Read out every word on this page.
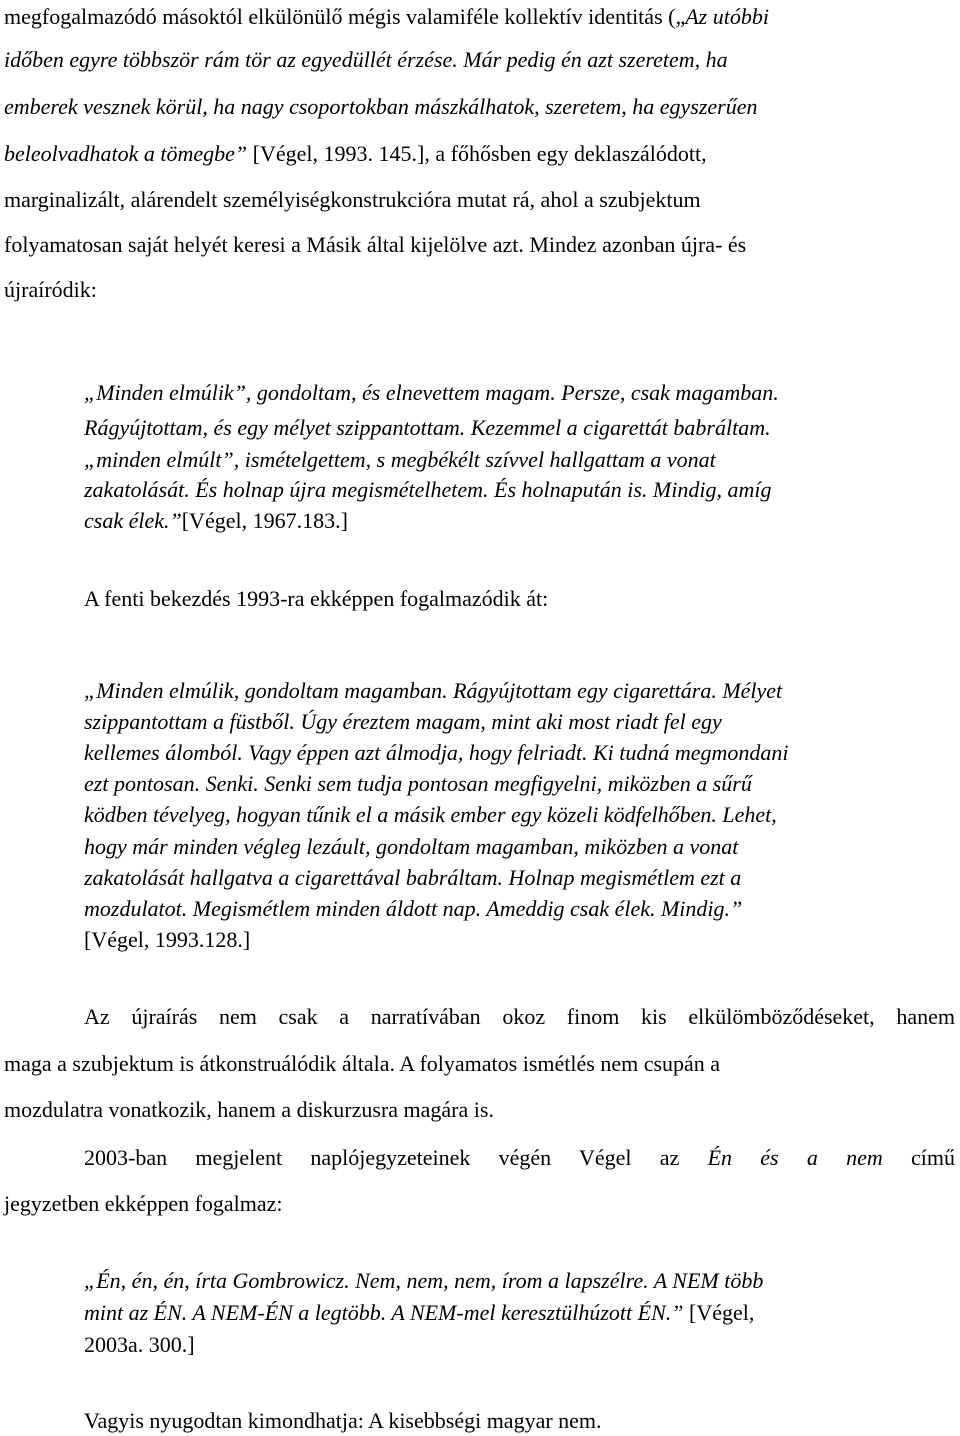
megfogalmazódó másoktól elkülönülő mégis valamiféle kollektív identitás („Az utóbbi
időben egyre többször rám tör az egyedüllét érzése. Már pedig én azt szeretem, ha
emberek vesznek körül, ha nagy csoportokban mászkálhatok, szeretem, ha egyszerűen
beleolvadhatok a tömegbe” [Végel, 1993. 145.], a főhősben egy deklaszálódott,
marginalizált, alárendelt személyiségkonstrukcióra mutat rá, ahol a szubjektum
folyamatosan saját helyét keresi a Másik által kijelölve azt. Mindez azonban újra- és
újraíródik:
„Minden elmúlik”, gondoltam, és elnevettem magam. Persze, csak magamban.
Rágyújtottam, és egy mélyet szippantottam. Kezemmel a cigarettát babráltam.
„minden elmúlt”, ismételgettem, s megbékélt szívvel hallgattam a vonat
zakatolását. És holnap újra megismételhetem. És holnapután is. Mindig, amíg
csak élek.”[Végel, 1967.183.]
A fenti bekezdés 1993-ra ekképpen fogalmazódik át:
„Minden elmúlik, gondoltam magamban. Rágyújtottam egy cigarettára. Mélyet
szippantottam a füstből. Úgy éreztem magam, mint aki most riadt fel egy
kellemes álomból. Vagy éppen azt álmodja, hogy felriadt. Ki tudná megmondani
ezt pontosan. Senki. Senki sem tudja pontosan megfigyelni, miközben a sűrű
ködben tévelyeg, hogyan tűnik el a másik ember egy közeli ködfelhőben. Lehet,
hogy már minden végleg lezáult, gondoltam magamban, miközben a vonat
zakatolását hallgatva a cigarettával babráltam. Holnap megismétlem ezt a
mozdulatot. Megismétlem minden áldott nap. Ameddig csak élek. Mindig.”
[Végel, 1993.128.]
Az újraírás nem csak a narratívában okoz finom kis elkülömböződéseket, hanem
maga a szubjektum is átkonstruálódik általa. A folyamatos ismétlés nem csupán a
mozdulatra vonatkozik, hanem a diskurzusra magára is.
2003-ban megjelent naplójegyzeteinek végén Végel az Én és a nem című
jegyzetben ekképpen fogalmaz:
„Én, én, én, írta Gombrowicz. Nem, nem, nem, írom a lapszélre. A NEM több
mint az ÉN. A NEM-ÉN a legtöbb. A NEM-mel keresztülhúzott ÉN.” [Végel,
2003a. 300.]
Vagyis nyugodtan kimondhatja: A kisebbségi magyar nem.
